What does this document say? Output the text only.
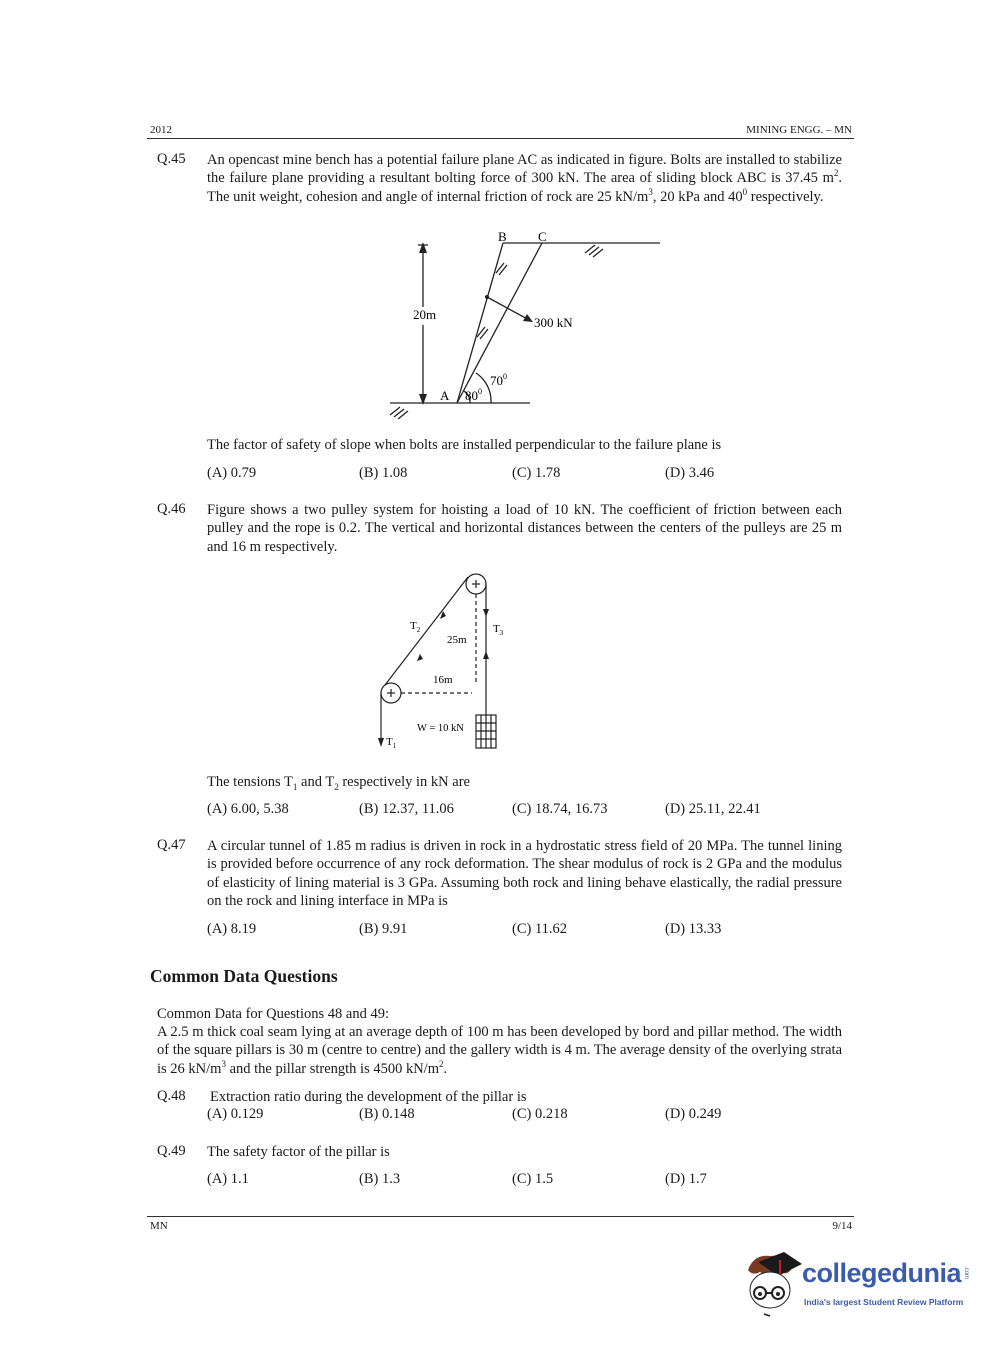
2012	MINING ENGG. – MN
Q.45 An opencast mine bench has a potential failure plane AC as indicated in figure. Bolts are installed to stabilize the failure plane providing a resultant bolting force of 300 kN. The area of sliding block ABC is 37.45 $m^2$. The unit weight, cohesion and angle of internal friction of rock are 25 $kN/m^3$, 20 kPa and $40^0$ respectively.
B C
A
20m
300 kN
$70^0$
$80^0$
The factor of safety of slope when bolts are installed perpendicular to the failure plane is
(A) 0.79	(B) 1.08	(C) 1.78	(D) 3.46
Q.46 Figure shows a two pulley system for hoisting a load of 10 kN. The coefficient of friction between each pulley and the rope is 0.2. The vertical and horizontal distances between the centers of the pulleys are 25 m and 16 m respectively.
$T_2$	$T_3$
$T_1$
25m
16m
W = 10 kN
The tensions $T_1$ and $T_2$ respectively in kN are
(A) 6.00, 5.38	(B) 12.37, 11.06	(C) 18.74, 16.73	(D) 25.11, 22.41
Q.47 A circular tunnel of 1.85 m radius is driven in rock in a hydrostatic stress field of 20 MPa. The tunnel lining is provided before occurrence of any rock deformation. The shear modulus of rock is 2 GPa and the modulus of elasticity of lining material is 3 GPa. Assuming both rock and lining behave elastically, the radial pressure on the rock and lining interface in MPa is
(A) 8.19	(B) 9.91	(C) 11.62	(D) 13.33
Common Data Questions
Common Data for Questions 48 and 49:
A 2.5 m thick coal seam lying at an average depth of 100 m has been developed by bord and pillar method. The width of the square pillars is 30 m (centre to centre) and the gallery width is 4 m. The average density of the overlying strata is 26 $kN/m^3$ and the pillar strength is 4500 $kN/m^2$.
Q.48 Extraction ratio during the development of the pillar is
(A) 0.129	(B) 0.148	(C) 0.218	(D) 0.249
Q.49 The safety factor of the pillar is
(A) 1.1	(B) 1.3	(C) 1.5	(D) 1.7
MN	9/14
collegedunia .com
India's largest Student Review Platform
